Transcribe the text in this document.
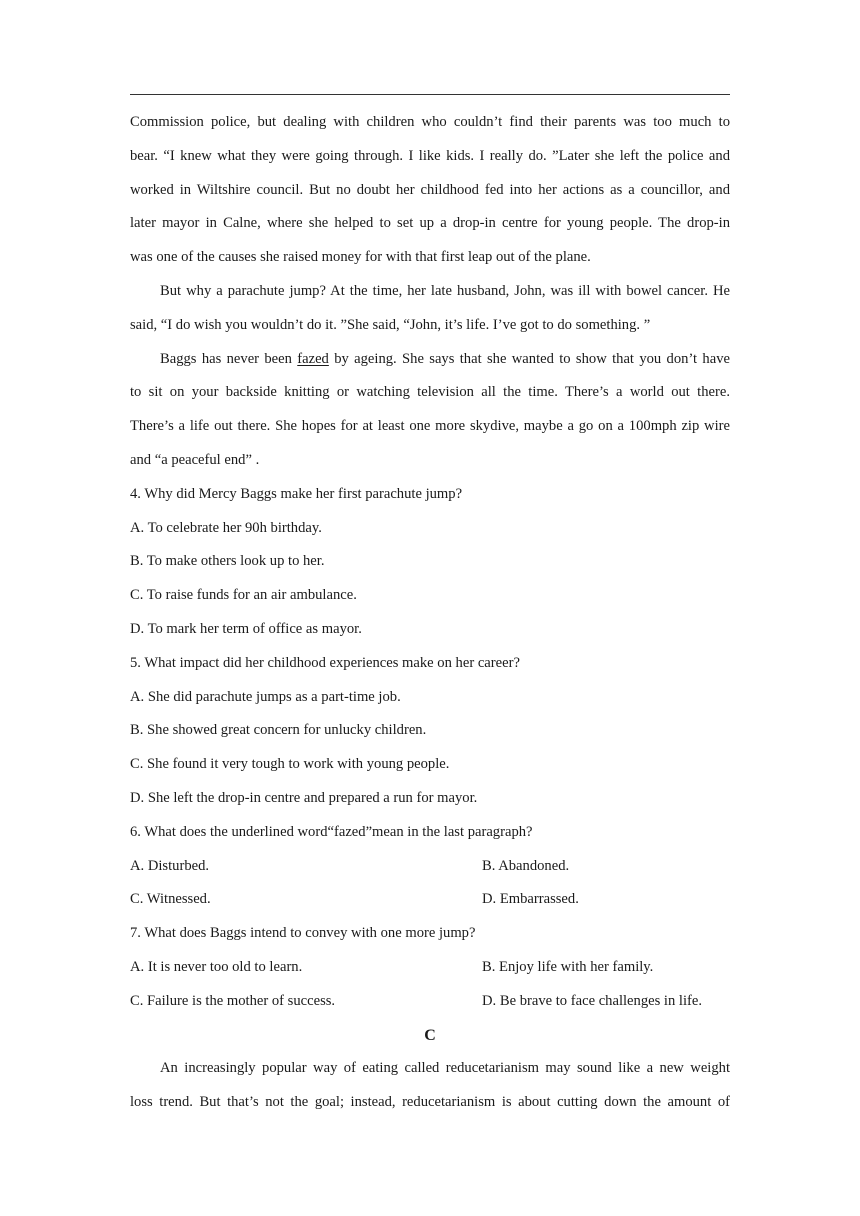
Commission police, but dealing with children who couldn’t find their parents was too much to
bear. “I knew what they were going through. I like kids. I really do. ”Later she left the police and
worked in Wiltshire council. But no doubt her childhood fed into her actions as a councillor, and
later mayor in Calne, where she helped to set up a drop-in centre for young people. The drop-in
was one of the causes she raised money for with that first leap out of the plane.
But why a parachute jump? At the time, her late husband, John, was ill with bowel cancer. He
said, “I do wish you wouldn’t do it. ”She said, “John, it’s life. I’ve got to do something. ”
Baggs has never been fazed by ageing. She says that she wanted to show that you don’t have
to sit on your backside knitting or watching television all the time. There’s a world out there.
There’s a life out there. She hopes for at least one more skydive, maybe a go on a 100mph zip wire
and “a peaceful end” .
4. Why did Mercy Baggs make her first parachute jump?
A. To celebrate her 90h birthday.
B. To make others look up to her.
C. To raise funds for an air ambulance.
D. To mark her term of office as mayor.
5. What impact did her childhood experiences make on her career?
A. She did parachute jumps as a part-time job.
B. She showed great concern for unlucky children.
C. She found it very tough to work with young people.
D. She left the drop-in centre and prepared a run for mayor.
6. What does the underlined word“fazed”mean in the last paragraph?
A. Disturbed.	B. Abandoned.
C. Witnessed.	D. Embarrassed.
7. What does Baggs intend to convey with one more jump?
A. It is never too old to learn.	B. Enjoy life with her family.
C. Failure is the mother of success.	D. Be brave to face challenges in life.
C
An increasingly popular way of eating called reducetarianism may sound like a new weight
loss trend. But that’s not the goal; instead, reducetarianism is about cutting down the amount of
